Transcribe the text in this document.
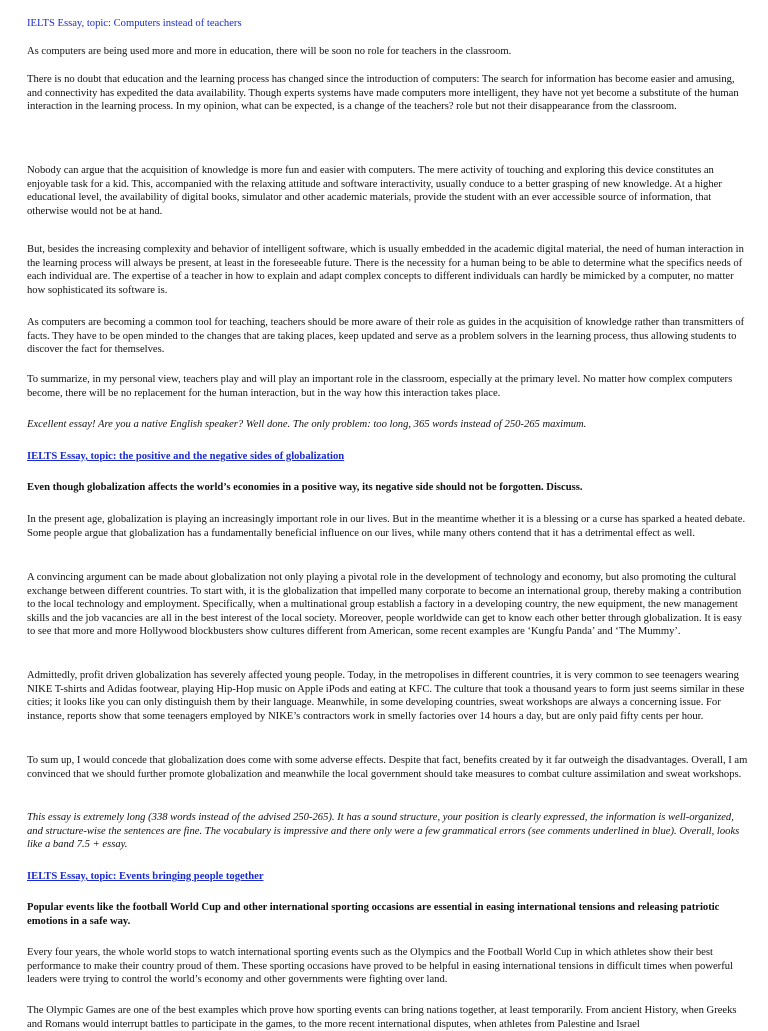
IELTS Essay, topic: Computers instead of teachers

As computers are being used more and more in education, there will be soon no role for teachers in the classroom.

There is no doubt that education and the learning process has changed since the introduction of computers: The search for information has become easier and amusing, and connectivity has expedited the data availability. Though experts systems have made computers more intelligent, they have not yet become a substitute of the human interaction in the learning process. In my opinion, what can be expected, is a change of the teachers? role but not their disappearance from the classroom.

Nobody can argue that the acquisition of knowledge is more fun and easier with computers. The mere activity of touching and exploring this device constitutes an enjoyable task for a kid. This, accompanied with the relaxing attitude and software interactivity, usually conduce to a better grasping of new knowledge. At a higher educational level, the availability of digital books, simulator and other academic materials, provide the student with an ever accessible source of information, that otherwise would not be at hand.

But, besides the increasing complexity and behavior of intelligent software, which is usually embedded in the academic digital material, the need of human interaction in the learning process will always be present, at least in the foreseeable future. There is the necessity for a human being to be able to determine what the specifics needs of each individual are. The expertise of a teacher in how to explain and adapt complex concepts to different individuals can hardly be mimicked by a computer, no matter how sophisticated its software is.

As computers are becoming a common tool for teaching, teachers should be more aware of their role as guides in the acquisition of knowledge rather than transmitters of facts. They have to be open minded to the changes that are taking places, keep updated and serve as a problem solvers in the learning process, thus allowing students to discover the fact for themselves.

To summarize, in my personal view, teachers play and will play an important role in the classroom, especially at the primary level. No matter how complex computers become, there will be no replacement for the human interaction, but in the way how this interaction takes place.

Excellent essay! Are you a native English speaker? Well done. The only problem: too long, 365 words instead of 250-265 maximum.

IELTS Essay, topic: the positive and the negative sides of globalization

Even though globalization affects the world’s economies in a positive way, its negative side should not be forgotten. Discuss.

In the present age, globalization is playing an increasingly important role in our lives. But in the meantime whether it is a blessing or a curse has sparked a heated debate. Some people argue that globalization has a fundamentally beneficial influence on our lives, while many others contend that it has a detrimental effect as well.

A convincing argument can be made about globalization not only playing a pivotal role in the development of technology and economy, but also promoting the cultural exchange between different countries. To start with, it is the globalization that impelled many corporate to become an international group, thereby making a contribution to the local technology and employment. Specifically, when a multinational group establish a factory in a developing country, the new equipment, the new management skills and the job vacancies are all in the best interest of the local society. Moreover, people worldwide can get to know each other better through globalization. It is easy to see that more and more Hollywood blockbusters show cultures different from American, some recent examples are ‘Kungfu Panda’ and ‘The Mummy’.

Admittedly, profit driven globalization has severely affected young people. Today, in the metropolises in different countries, it is very common to see teenagers wearing NIKE T-shirts and Adidas footwear, playing Hip-Hop music on Apple iPods and eating at KFC. The culture that took a thousand years to form just seems similar in these cities; it looks like you can only distinguish them by their language. Meanwhile, in some developing countries, sweat workshops are always a concerning issue. For instance, reports show that some teenagers employed by NIKE’s contractors work in smelly factories over 14 hours a day, but are only paid fifty cents per hour.

To sum up, I would concede that globalization does come with some adverse effects. Despite that fact, benefits created by it far outweigh the disadvantages. Overall, I am convinced that we should further promote globalization and meanwhile the local government should take measures to combat culture assimilation and sweat workshops.

This essay is extremely long (338 words instead of the advised 250-265). It has a sound structure, your position is clearly expressed, the information is well-organized, and structure-wise the sentences are fine. The vocabulary is impressive and there only were a few grammatical errors (see comments underlined in blue). Overall, looks like a band 7.5 + essay.

IELTS Essay, topic: Events bringing people together

Popular events like the football World Cup and other international sporting occasions are essential in easing international tensions and releasing patriotic emotions in a safe way.

Every four years, the whole world stops to watch international sporting events such as the Olympics and the Football World Cup in which athletes show their best performance to make their country proud of them. These sporting occasions have proved to be helpful in easing international tensions in difficult times when powerful leaders were trying to control the world’s economy and other governments were fighting over land.

The Olympic Games are one of the best examples which prove how sporting events can bring nations together, at least temporarily. From ancient History, when Greeks and Romans would interrupt battles to participate in the games, to the more recent international disputes, when athletes from Palestine and Israel
